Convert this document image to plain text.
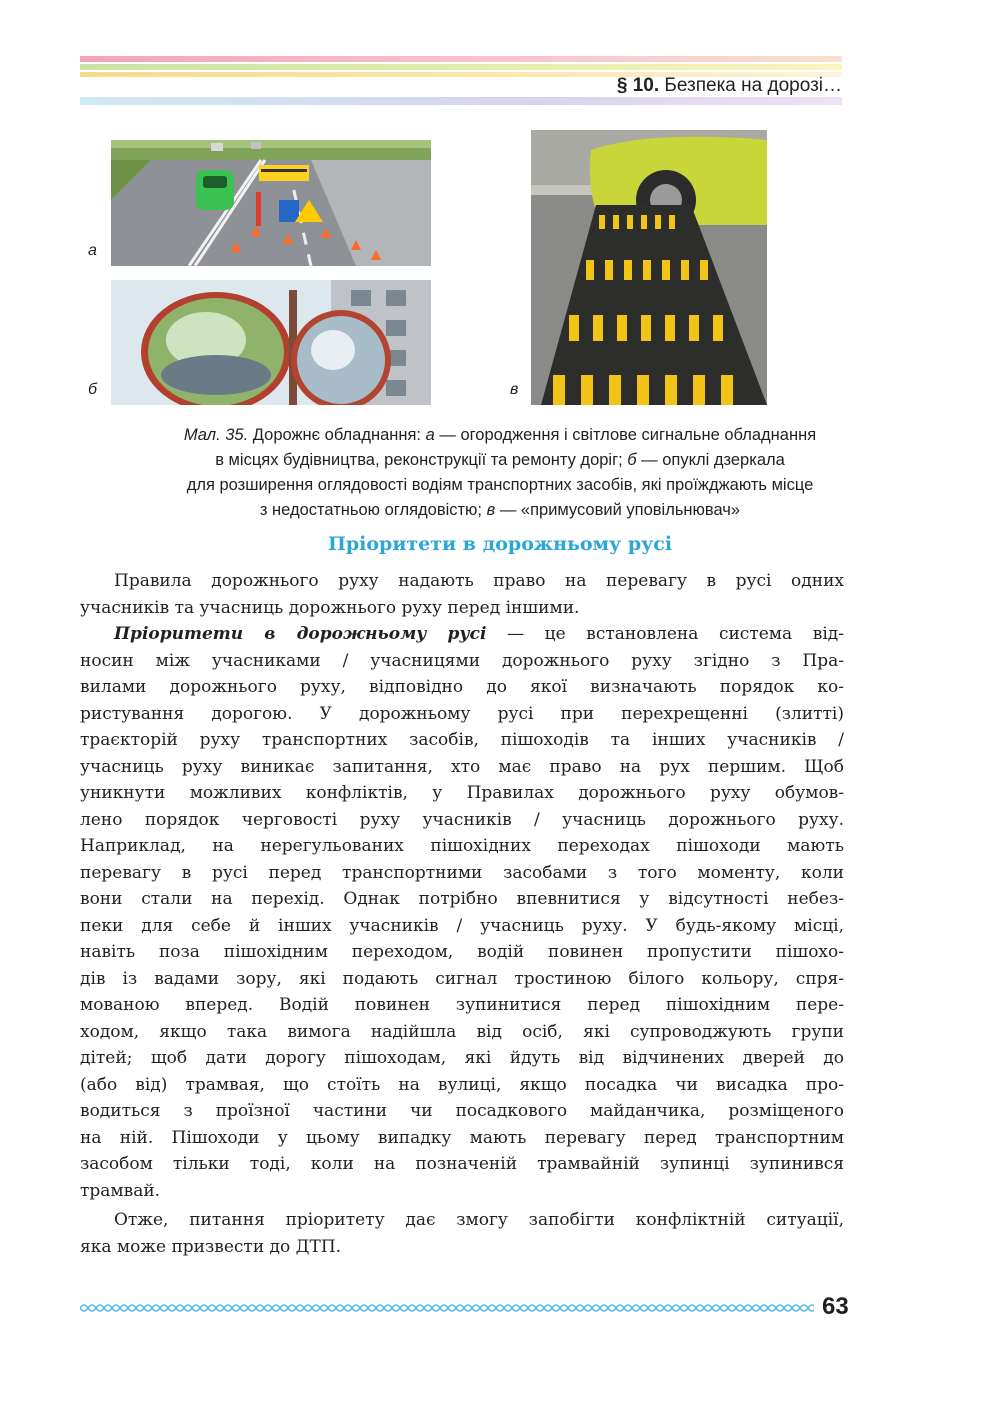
§ 10. Безпека на дорозі…
а
б	в
Мал. 35. Дорожнє обладнання: а — огородження і світлове сигнальне обладнання
в місцях будівництва, реконструкції та ремонту доріг; б — опуклі дзеркала
для розширення оглядовості водіям транспортних засобів, які проїжджають місце
з недостатньою оглядовістю; в — «примусовий уповільнювач»
Пріоритети в дорожньому русі
Правила дорожнього руху надають право на перевагу в русі одних
учасників та учасниць дорожнього руху перед іншими.
Пріоритети в дорожньому русі — це встановлена система від-
носин між учасниками / учасницями дорожнього руху згідно з Пра-
вилами дорожнього руху, відповідно до якої визначають порядок ко-
ристування дорогою. У дорожньому русі при перехрещенні (злитті)
траєкторій руху транспортних засобів, пішоходів та інших учасників /
учасниць руху виникає запитання, хто має право на рух першим. Щоб
уникнути можливих конфліктів, у Правилах дорожнього руху обумов-
лено порядок черговості руху учасників / учасниць дорожнього руху.
Наприклад, на нерегульованих пішохідних переходах пішоходи мають
перевагу в русі перед транспортними засобами з того моменту, коли
вони стали на перехід. Однак потрібно впевнитися у відсутності небез-
пеки для себе й інших учасників / учасниць руху. У будь-якому місці,
навіть поза пішохідним переходом, водій повинен пропустити пішохо-
дів із вадами зору, які подають сигнал тростиною білого кольору, спря-
мованою вперед. Водій повинен зупинитися перед пішохідним пере-
ходом, якщо така вимога надійшла від осіб, які супроводжують групи
дітей; щоб дати дорогу пішоходам, які йдуть від відчинених дверей до
(або від) трамвая, що стоїть на вулиці, якщо посадка чи висадка про-
водиться з проїзної частини чи посадкового майданчика, розміщеного
на ній. Пішоходи у цьому випадку мають перевагу перед транспортним
засобом тільки тоді, коли на позначеній трамвайній зупинці зупинився
трамвай.
Отже, питання пріоритету дає змогу запобігти конфліктній ситуації,
яка може призвести до ДТП.
63
